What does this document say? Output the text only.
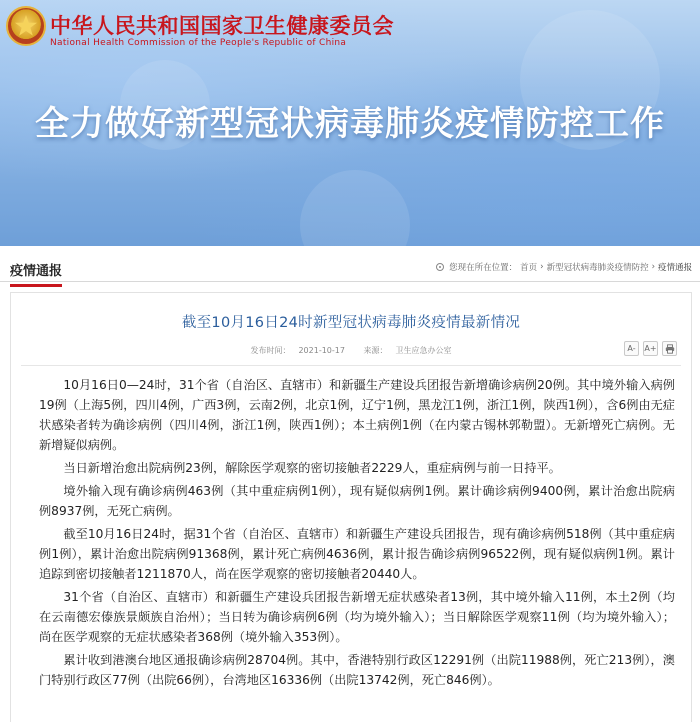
中华人民共和国国家卫生健康委员会
National Health Commission of the People's Republic of China
全力做好新型冠状病毒肺炎疫情防控工作
疫情通报	您现在所在位置： 首页 › 新型冠状病毒肺炎疫情防控 › 疫情通报
截至10月16日24时新型冠状病毒肺炎疫情最新情况
发布时间： 2021-10-17 来源： 卫生应急办公室	A-	A+

10月16日0—24时，31个省（自治区、直辖市）和新疆生产建设兵团报告新增确诊病例20例。其中境外输入病例19例（上海5例，四川4例，广西3例，云南2例，北京1例，辽宁1例，黑龙江1例，浙江1例，陕西1例），含6例由无症状感染者转为确诊病例（四川4例，浙江1例，陕西1例）；本土病例1例（在内蒙古锡林郭勒盟）。无新增死亡病例。无新增疑似病例。

当日新增治愈出院病例23例，解除医学观察的密切接触者2229人，重症病例与前一日持平。

境外输入现有确诊病例463例（其中重症病例1例），现有疑似病例1例。累计确诊病例9400例，累计治愈出院病例8937例，无死亡病例。

截至10月16日24时，据31个省（自治区、直辖市）和新疆生产建设兵团报告，现有确诊病例518例（其中重症病例1例），累计治愈出院病例91368例，累计死亡病例4636例，累计报告确诊病例96522例，现有疑似病例1例。累计追踪到密切接触者1211870人，尚在医学观察的密切接触者20440人。

31个省（自治区、直辖市）和新疆生产建设兵团报告新增无症状感染者13例，其中境外输入11例，本土2例（均在云南德宏傣族景颇族自治州）；当日转为确诊病例6例（均为境外输入）；当日解除医学观察11例（均为境外输入）；尚在医学观察的无症状感染者368例（境外输入353例）。

累计收到港澳台地区通报确诊病例28704例。其中，香港特别行政区12291例（出院11988例，死亡213例），澳门特别行政区77例（出院66例），台湾地区16336例（出院13742例，死亡846例）。
